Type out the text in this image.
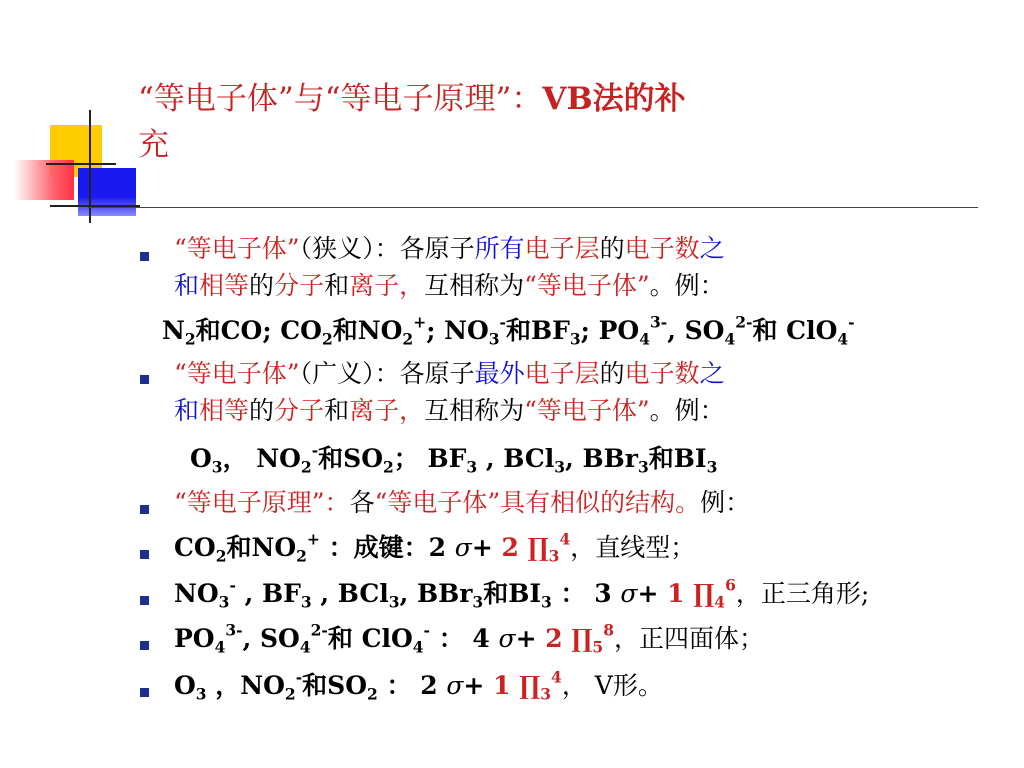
“等电子体”与“等电子原理”：VB法的补
充
“等电子体”（狭义）：各原子所有电子层的电子数之
和相等的分子和离子，互相称为“等电子体”。例：
$N_2$和CO; $CO_2$和$NO_2^+$; $NO_3^-$和$BF_3$; $PO_4^{3-}$, $SO_4^{2-}$和 ClO$_4$-
“等电子体”（广义）：各原子最外电子层的电子数之
和相等的分子和离子，互相称为“等电子体”。例：
$O_3$， $NO_2^-$和$SO_2$； $BF_3$ , BCl$_3$, BBr$_3$和$BI_3$
“等电子原理”：各“等电子体”具有相似的结构。例：
$CO_2$和$NO_2^+$ ：成键：2 σ+ 2 $\prod_3^4$，直线型；
$NO_3^-$ , $BF_3$ , BCl$_3$, BBr$_3$和$BI_3$ ： 3 σ+ 1 $\prod_4^6$，正三角形;
$PO_4^{3-}$, $SO_4^{2-}$和 ClO$_4$- ： 4 σ+ 2 $\prod_5^8$，正四面体；
$O_3$ ，$NO_2^-$和$SO_2$ ： 2 σ+ 1 $\prod_3^4$， V形。
